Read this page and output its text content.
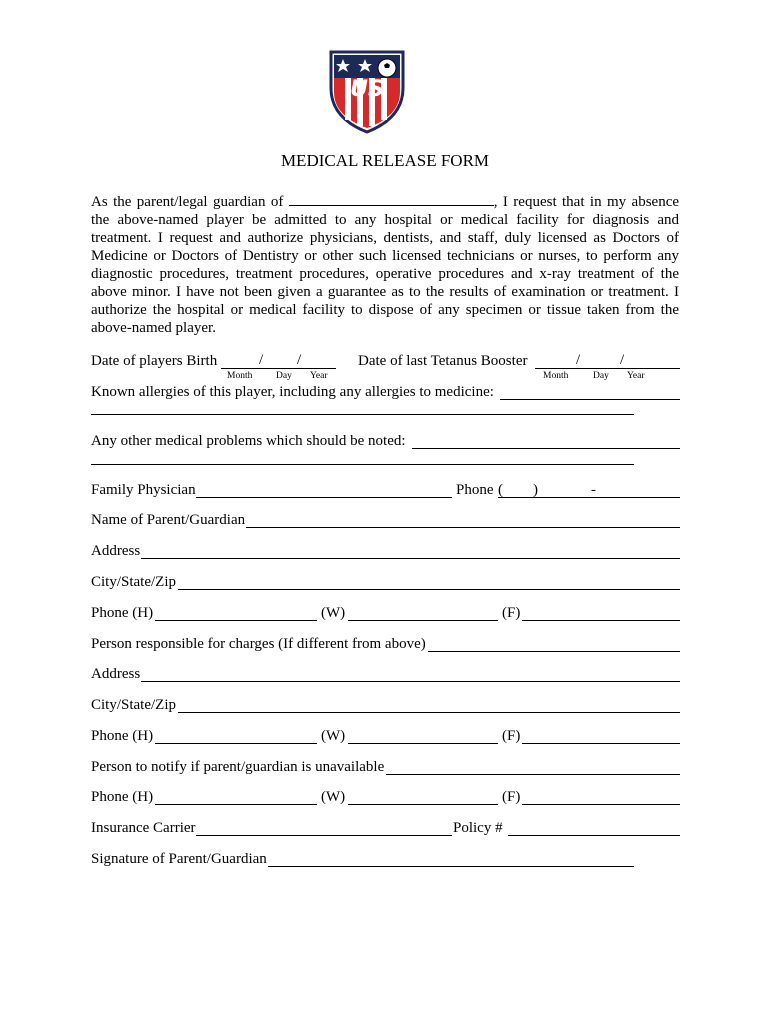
US
MEDICAL RELEASE FORM
As the parent/legal guardian of	, I request that in my absence the above-named player be admitted to any hospital or medical facility for diagnosis and treatment. I request and authorize physicians, dentists, and staff, duly licensed as Doctors of Medicine or Doctors of Dentistry or other such licensed technicians or nurses, to perform any diagnostic procedures, treatment procedures, operative procedures and x-ray treatment of the above minor. I have not been given a guarantee as to the results of examination or treatment. I authorize the hospital or medical facility to dispose of any specimen or tissue taken from the above-named player.
Date of players Birth	/ /
Month Day Year
Date of last Tetanus Booster	/	/
Month	Day Year
Known allergies of this player, including any allergies to medicine:
Any other medical problems which should be noted:
Family Physician	Phone ( )	-
Name of Parent/Guardian
Address
City/State/Zip
Phone (H)	(W)	(F)
Person responsible for charges (If different from above)
Address
City/State/Zip
Phone (H)	(W)	(F)
Person to notify if parent/guardian is unavailable
Phone (H)	(W)	(F)
Insurance Carrier	Policy #
Signature of Parent/Guardian
